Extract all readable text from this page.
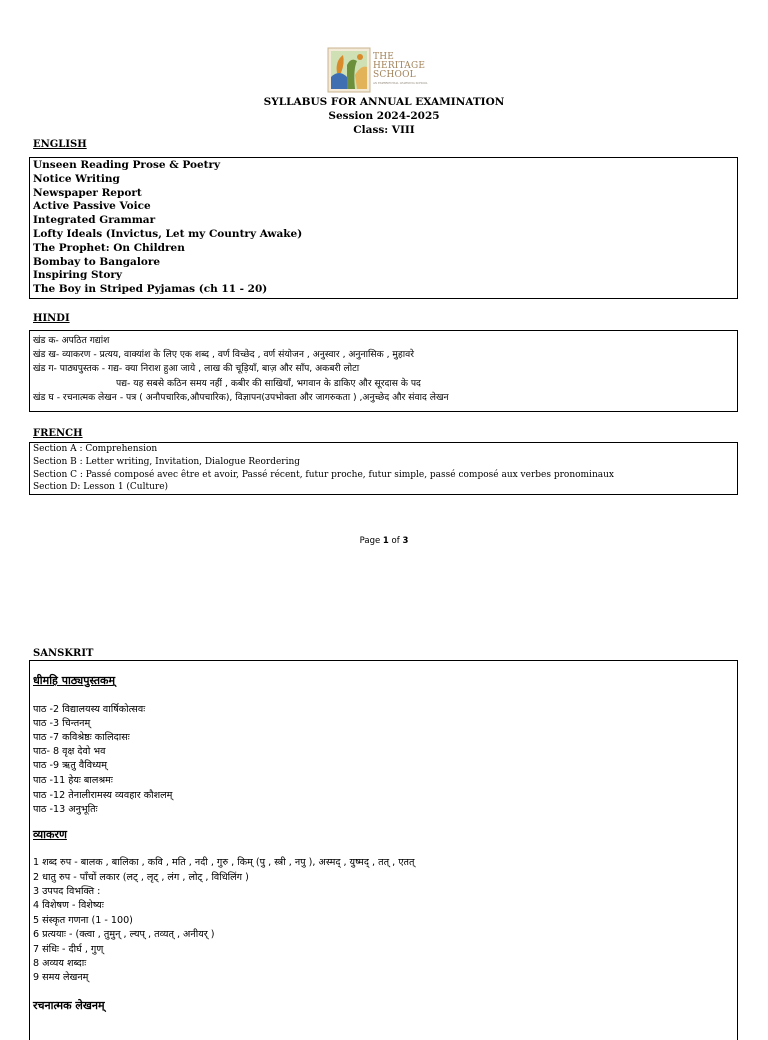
THE HERITAGE SCHOOL
AN EXPERIENTIAL LEARNING SCHOOL
SYLLABUS FOR ANNUAL EXAMINATION
Session 2024-2025
Class: VIII
ENGLISH
Unseen Reading Prose & Poetry
Notice Writing
Newspaper Report
Active Passive Voice
Integrated Grammar
Lofty Ideals (Invictus, Let my Country Awake)
The Prophet: On Children
Bombay to Bangalore
Inspiring Story
The Boy in Striped Pyjamas (ch 11 - 20)
HINDI
खंड क- अपठित गद्यांश
खंड ख- व्याकरण - प्रत्यय, वाक्यांश के लिए एक शब्द , वर्ण विच्छेद , वर्ण संयोजन , अनुस्वार , अनुनासिक , मुहावरे
खंड ग- पाठ्यपुस्तक - गद्य- क्या निराश हुआ जाये , लाख की चूड़ियाँ, बाज़ और साँप, अकबरी लोटा
पद्य- यह सबसे कठिन समय नहीं , कबीर की साखियाँ, भगवान के डाकिए और सूरदास के पद
खंड घ - रचनात्मक लेखन - पत्र ( अनौपचारिक,औपचारिक), विज्ञापन(उपभोक्ता और जागरुकता ) ,अनुच्छेद और संवाद लेखन
FRENCH
Section A : Comprehension
Section B : Letter writing, Invitation, Dialogue Reordering
Section C : Passé composé avec être et avoir, Passé récent, futur proche, futur simple, passé composé aux verbes pronominaux
Section D: Lesson 1 (Culture)
Page 1 of 3
SANSKRIT
धीमहि पाठ्यपुस्तकम्
पाठ -2 विद्यालयस्य वार्षिकोत्सवः
पाठ -3 चिन्तनम्
पाठ -7 कविश्रेष्ठः कालिदासः
पाठ- 8 वृक्ष देवो भव
पाठ -9 ऋतु वैविध्यम्
पाठ -11 हेयः बालश्रमः
पाठ -12 तेनालीरामस्य व्यवहार कौशलम्
पाठ -13 अनुभूतिः
व्याकरण
1 शब्द रुप - बालक , बालिका , कवि , मति , नदी , गुरु , किम् (पु , स्त्री , नपु ), अस्मद् , युष्मद् , तत् , एतत्
2 धातु रुप - पाँचों लकार (लट् , लृट् , लंग , लोट् , विधिलिंग )
3 उपपद विभक्ति :
4 विशेषण - विशेष्यः
5 संस्कृत गणना (1 - 100)
6 प्रत्ययाः - (क्त्वा , तुमुन् , ल्यप् , तव्यत् , अनीयर् )
7 संधिः - दीर्घ , गुण्
8 अव्यय शब्दाः
9 समय लेखनम्
रचनात्मक लेखनम्
